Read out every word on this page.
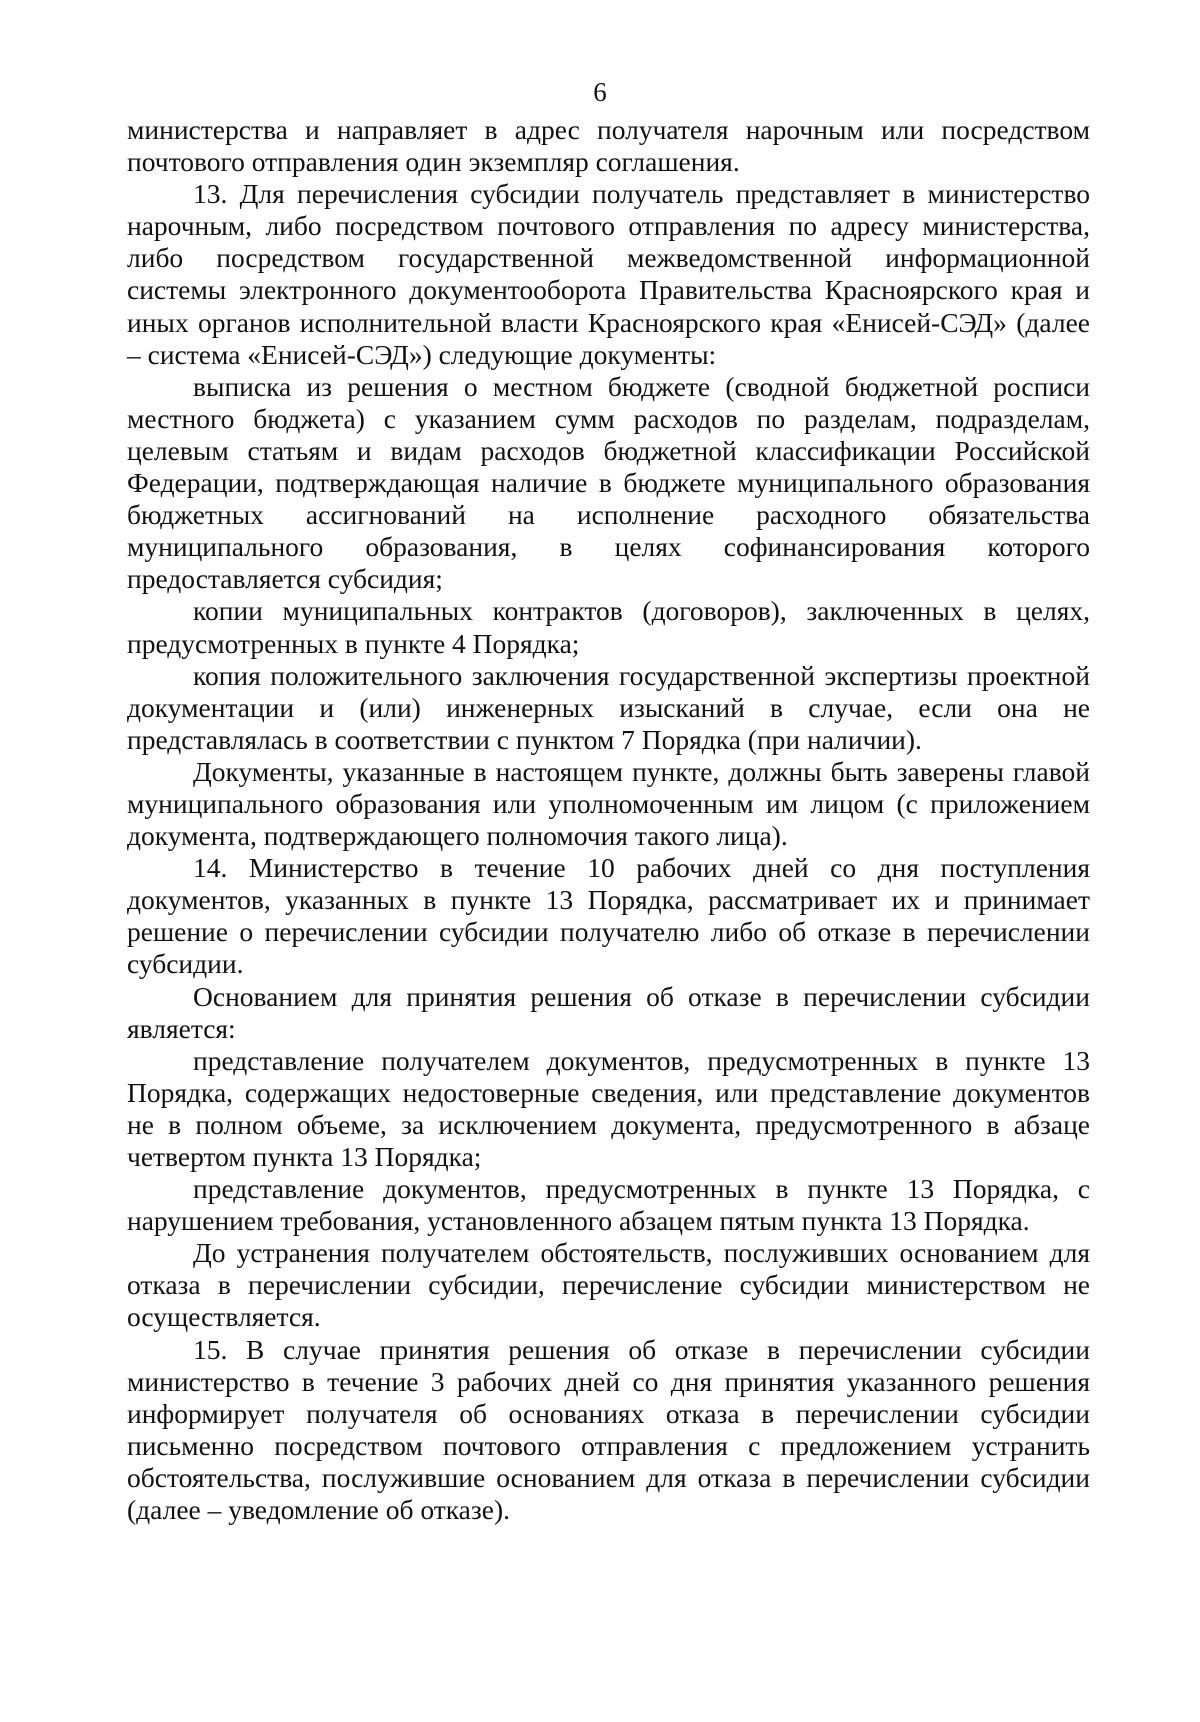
6

министерства и направляет в адрес получателя нарочным или посредством почтового отправления один экземпляр соглашения.

13. Для перечисления субсидии получатель представляет в министерство нарочным, либо посредством почтового отправления по адресу министерства, либо посредством государственной межведомственной информационной системы электронного документооборота Правительства Красноярского края и иных органов исполнительной власти Красноярского края «Енисей-СЭД» (далее – система «Енисей-СЭД») следующие документы:

выписка из решения о местном бюджете (сводной бюджетной росписи местного бюджета) с указанием сумм расходов по разделам, подразделам, целевым статьям и видам расходов бюджетной классификации Российской Федерации, подтверждающая наличие в бюджете муниципального образования бюджетных ассигнований на исполнение расходного обязательства муниципального образования, в целях софинансирования которого предоставляется субсидия;

копии муниципальных контрактов (договоров), заключенных в целях, предусмотренных в пункте 4 Порядка;

копия положительного заключения государственной экспертизы проектной документации и (или) инженерных изысканий в случае, если она не представлялась в соответствии с пунктом 7 Порядка (при наличии).

Документы, указанные в настоящем пункте, должны быть заверены главой муниципального образования или уполномоченным им лицом (с приложением документа, подтверждающего полномочия такого лица).

14. Министерство в течение 10 рабочих дней со дня поступления документов, указанных в пункте 13 Порядка, рассматривает их и принимает решение о перечислении субсидии получателю либо об отказе в перечислении субсидии.

Основанием для принятия решения об отказе в перечислении субсидии является:

представление получателем документов, предусмотренных в пункте 13 Порядка, содержащих недостоверные сведения, или представление документов не в полном объеме, за исключением документа, предусмотренного в абзаце четвертом пункта 13 Порядка;

представление документов, предусмотренных в пункте 13 Порядка, с нарушением требования, установленного абзацем пятым пункта 13 Порядка.

До устранения получателем обстоятельств, послуживших основанием для отказа в перечислении субсидии, перечисление субсидии министерством не осуществляется.

15. В случае принятия решения об отказе в перечислении субсидии министерство в течение 3 рабочих дней со дня принятия указанного решения информирует получателя об основаниях отказа в перечислении субсидии письменно посредством почтового отправления с предложением устранить обстоятельства, послужившие основанием для отказа в перечислении субсидии (далее – уведомление об отказе).
